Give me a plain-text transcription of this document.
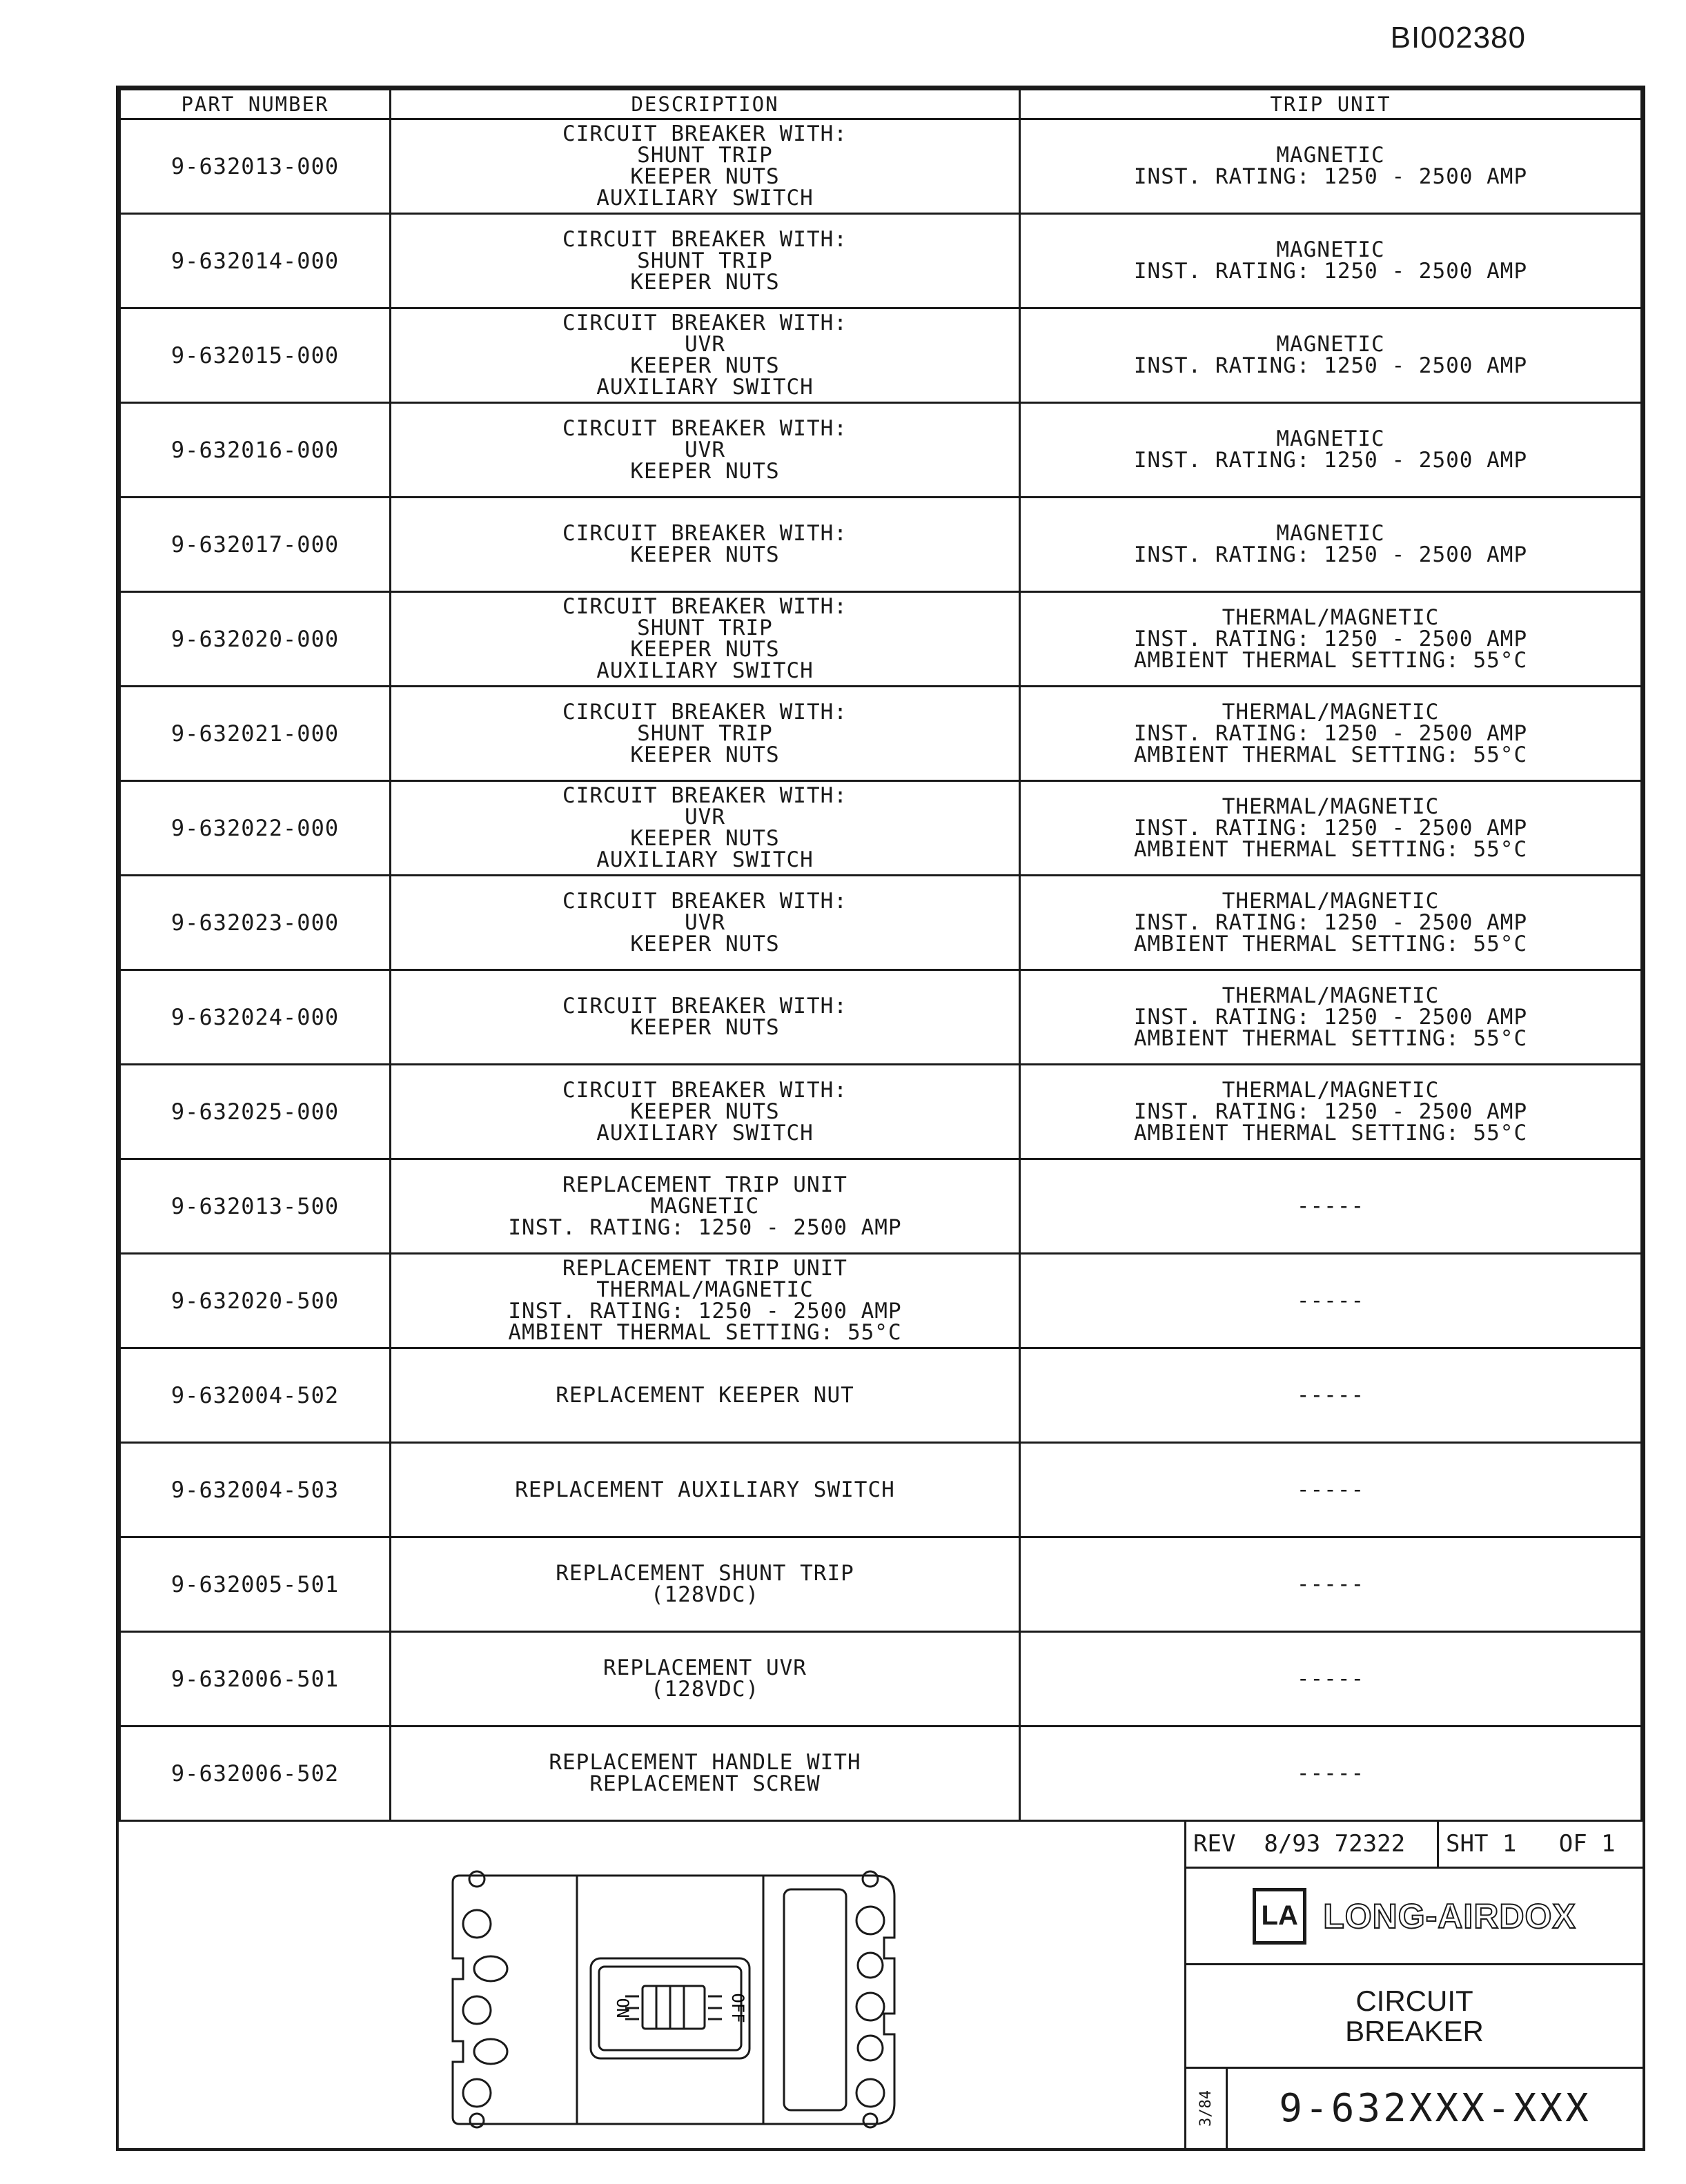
BI002380
PART NUMBER	DESCRIPTION	TRIP UNIT
9-632013-000	CIRCUIT BREAKER WITH:
SHUNT TRIP
KEEPER NUTS
AUXILIARY SWITCH	MAGNETIC
INST. RATING: 1250 - 2500 AMP

9-632014-000	CIRCUIT BREAKER WITH:
SHUNT TRIP
KEEPER NUTS	MAGNETIC
INST. RATING: 1250 - 2500 AMP

9-632015-000	CIRCUIT BREAKER WITH:
UVR
KEEPER NUTS
AUXILIARY SWITCH	MAGNETIC
INST. RATING: 1250 - 2500 AMP

9-632016-000	CIRCUIT BREAKER WITH:
UVR
KEEPER NUTS	MAGNETIC
INST. RATING: 1250 - 2500 AMP

9-632017-000	CIRCUIT BREAKER WITH:
KEEPER NUTS	MAGNETIC
INST. RATING: 1250 - 2500 AMP

9-632020-000	CIRCUIT BREAKER WITH:
SHUNT TRIP
KEEPER NUTS
AUXILIARY SWITCH	THERMAL/MAGNETIC
INST. RATING: 1250 - 2500 AMP
AMBIENT THERMAL SETTING: 55°C

9-632021-000	CIRCUIT BREAKER WITH:
SHUNT TRIP
KEEPER NUTS	THERMAL/MAGNETIC
INST. RATING: 1250 - 2500 AMP
AMBIENT THERMAL SETTING: 55°C

9-632022-000	CIRCUIT BREAKER WITH:
UVR
KEEPER NUTS
AUXILIARY SWITCH	THERMAL/MAGNETIC
INST. RATING: 1250 - 2500 AMP
AMBIENT THERMAL SETTING: 55°C

9-632023-000	CIRCUIT BREAKER WITH:
UVR
KEEPER NUTS	THERMAL/MAGNETIC
INST. RATING: 1250 - 2500 AMP
AMBIENT THERMAL SETTING: 55°C

9-632024-000	CIRCUIT BREAKER WITH:
KEEPER NUTS	THERMAL/MAGNETIC
INST. RATING: 1250 - 2500 AMP
AMBIENT THERMAL SETTING: 55°C

9-632025-000	CIRCUIT BREAKER WITH:
KEEPER NUTS
AUXILIARY SWITCH	THERMAL/MAGNETIC
INST. RATING: 1250 - 2500 AMP
AMBIENT THERMAL SETTING: 55°C

9-632013-500	REPLACEMENT TRIP UNIT
MAGNETIC
INST. RATING: 1250 - 2500 AMP	-----

9-632020-500	REPLACEMENT TRIP UNIT
THERMAL/MAGNETIC
INST. RATING: 1250 - 2500 AMP
AMBIENT THERMAL SETTING: 55°C	-----

9-632004-502	REPLACEMENT KEEPER NUT	-----

9-632004-503	REPLACEMENT AUXILIARY SWITCH	-----

9-632005-501	REPLACEMENT SHUNT TRIP
(128VDC)	-----

9-632006-501	REPLACEMENT UVR
(128VDC)	-----

9-632006-502	REPLACEMENT HANDLE WITH
REPLACEMENT SCREW	-----
ON	OFF
REV  8/93 72322	SHT 1   OF 1
LA LONG-AIRDOX
CIRCUIT
BREAKER
3/84	9-632XXX-XXX
